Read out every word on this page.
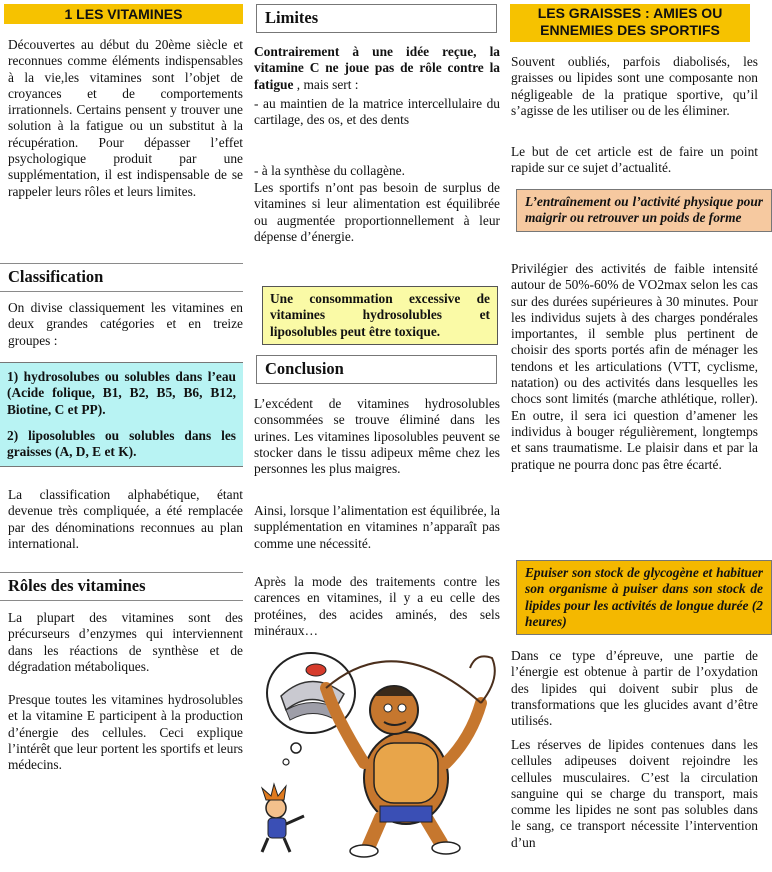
1 LES VITAMINES

Découvertes au début du 20ème siècle et reconnues comme éléments indispensables à la vie,les vitamines sont l’objet de croyances et de comportements irrationnels. Certains pensent y trouver une solution à la fatigue ou un substitut à la récupération. Pour dépasser l’effet psychologique produit par une supplémentation, il est indispensable de se rappeler leurs rôles et leurs limites.

Classification

On divise classiquement les vitamines en deux grandes catégories et en treize groupes :

1) hydrosolubes ou solubles dans l’eau (Acide folique, B1, B2, B5, B6, B12, Biotine, C et PP).
2) liposolubles ou solubles dans les graisses (A, D, E et K).

La classification alphabétique, étant devenue très compliquée, a été remplacée par des dénominations reconnues au plan international.

Rôles des vitamines

La plupart des vitamines sont des précurseurs d’enzymes qui interviennent dans les réactions de synthèse et de dégradation métaboliques.

Presque toutes les vitamines hydrosolubles et la vitamine E participent à la production d’énergie des cellules. Ceci explique l’intérêt que leur portent les sportifs et leurs médecins.

Limites

Contrairement à une idée reçue, la vitamine C ne joue pas de rôle contre la fatigue , mais sert :

- au maintien de la matrice intercellulaire du cartilage, des os, et des dents

- à la synthèse du collagène.

Les sportifs n’ont pas besoin de surplus de vitamines si leur alimentation est équilibrée ou augmentée proportionnellement à leur dépense d’énergie.

Une consommation excessive de vitamines hydrosolubles et liposolubles peut être toxique.
Conclusion

L’excédent de vitamines hydrosolubles consommées se trouve éliminé dans les urines. Les vitamines liposolubles peuvent se stocker dans le tissu adipeux même chez les personnes les plus maigres.

Ainsi, lorsque l’alimentation est équilibrée, la supplémentation en vitamines n’apparaît pas comme une nécessité.

Après la mode des traitements contre les carences en vitamines, il y a eu celle des protéines, des acides aminés, des sels minéraux…

LES GRAISSES : AMIES OU ENNEMIES DES SPORTIFS

Souvent oubliés, parfois diabolisés, les graisses ou lipides sont une composante non négligeable de la pratique sportive, qu’il s’agisse de les utiliser ou de les éliminer.

Le but de cet article est de faire un point rapide sur ce sujet d’actualité.

L’entraînement ou l’activité physique pour maigrir ou retrouver un poids de forme

Privilégier des activités de faible intensité autour de 50%-60% de VO2max selon les cas sur des durées supérieures à 30 minutes. Pour les individus sujets à des charges pondérales importantes, il semble plus pertinent de choisir des sports portés afin de ménager les tendons et les articulations (VTT, cyclisme, natation) ou des activités dans lesquelles les chocs sont limités (marche athlétique, roller). En outre, il sera ici question d’amener les individus à bouger régulièrement, longtemps et sans traumatisme. Le plaisir dans et par la pratique ne pourra donc pas être écarté.

Epuiser son stock de glycogène et habituer son organisme à puiser dans son stock de lipides pour les activités de longue durée (2 heures)

Dans ce type d’épreuve, une partie de l’énergie est obtenue à partir de l’oxydation des lipides qui doivent subir plus de transformations que les glucides avant d’être utilisés.

Les réserves de lipides contenues dans les cellules adipeuses doivent rejoindre les cellules musculaires. C’est la circulation sanguine qui se charge du transport, mais comme les lipides ne sont pas solubles dans le sang, ce transport nécessite l’intervention d’un
